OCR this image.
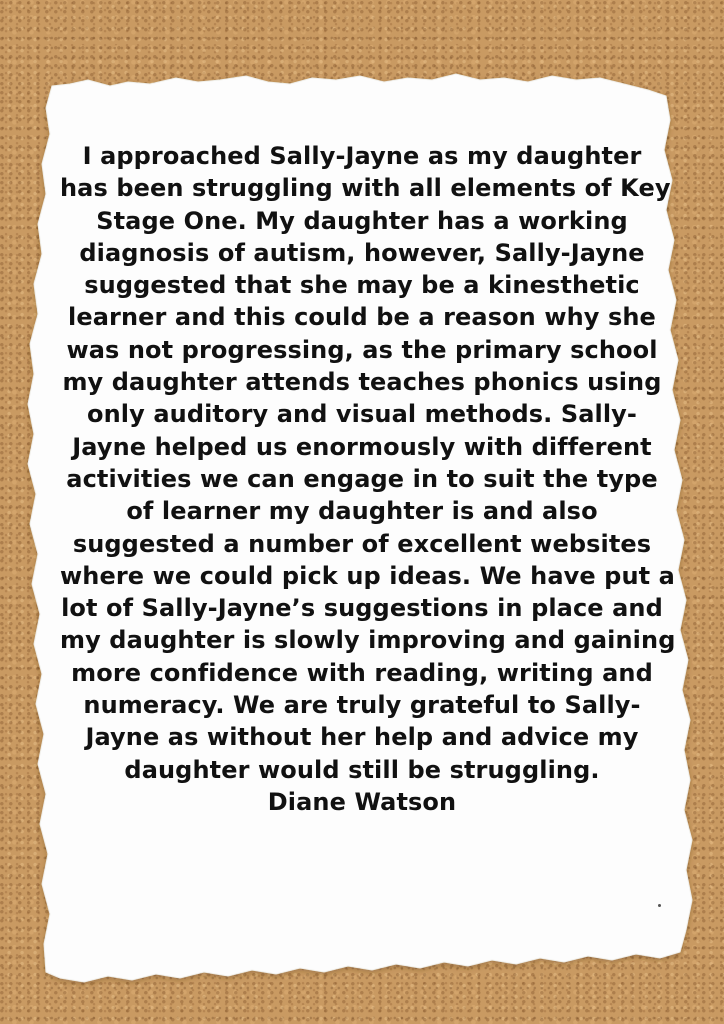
I approached Sally-Jayne as my daughter
has been struggling with all elements of Key
Stage One. My daughter has a working
diagnosis of autism, however, Sally-Jayne
suggested that she may be a kinesthetic
learner and this could be a reason why she
was not progressing, as the primary school
my daughter attends teaches phonics using
only auditory and visual methods. Sally-
Jayne helped us enormously with different
activities we can engage in to suit the type
of learner my daughter is and also
suggested a number of excellent websites
where we could pick up ideas. We have put a
lot of Sally-Jayne’s suggestions in place and
my daughter is slowly improving and gaining
more confidence with reading, writing and
numeracy. We are truly grateful to Sally-
Jayne as without her help and advice my
daughter would still be struggling.
Diane Watson
